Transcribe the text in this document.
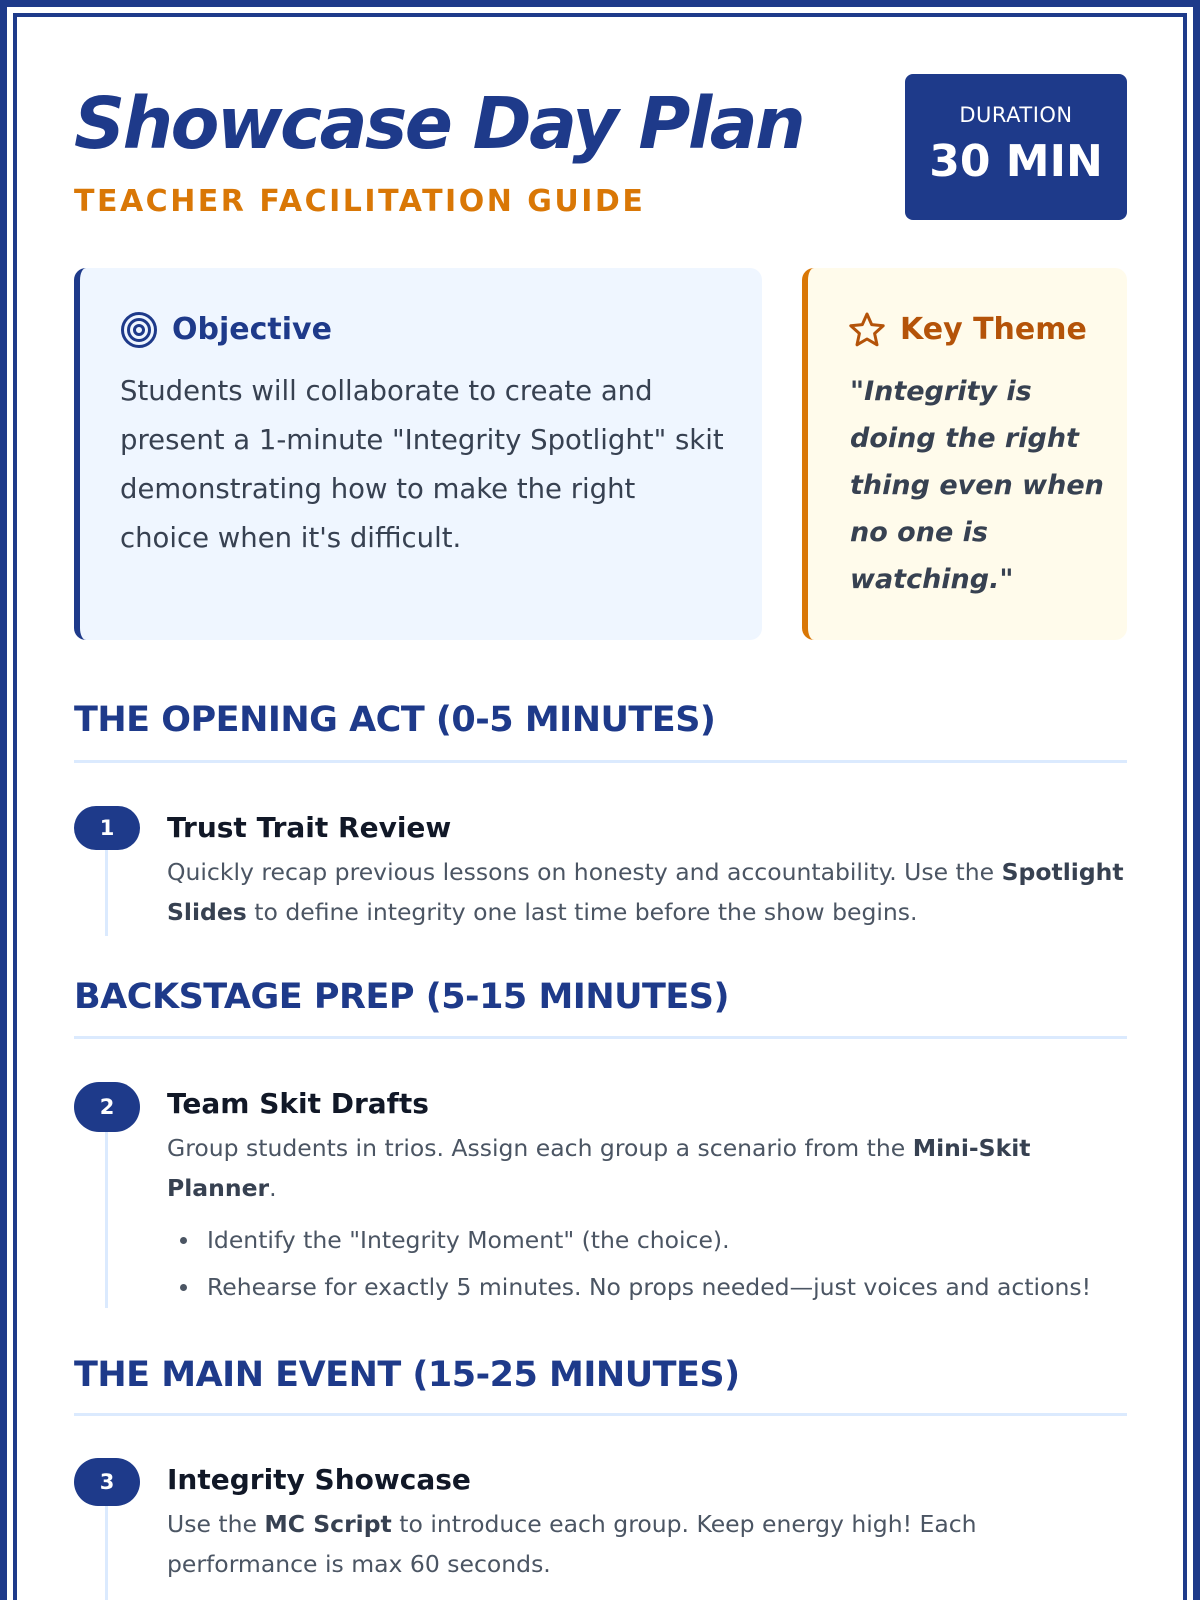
Showcase Day Plan
TEACHER FACILITATION GUIDE
DURATION
30 MIN
Objective
Students will collaborate to create and present a 1-minute "Integrity Spotlight" skit demonstrating how to make the right choice when it's difficult.
Key Theme
"Integrity is doing the right thing even when no one is watching."
THE OPENING ACT (0-5 MINUTES)
1	Trust Trait Review
Quickly recap previous lessons on honesty and accountability. Use the Spotlight Slides to define integrity one last time before the show begins.
BACKSTAGE PREP (5-15 MINUTES)
2	Team Skit Drafts
Group students in trios. Assign each group a scenario from the Mini-Skit Planner.
Identify the "Integrity Moment" (the choice).
Rehearse for exactly 5 minutes. No props needed—just voices and actions!
THE MAIN EVENT (15-25 MINUTES)
3	Integrity Showcase
Use the MC Script to introduce each group. Keep energy high! Each performance is max 60 seconds.
